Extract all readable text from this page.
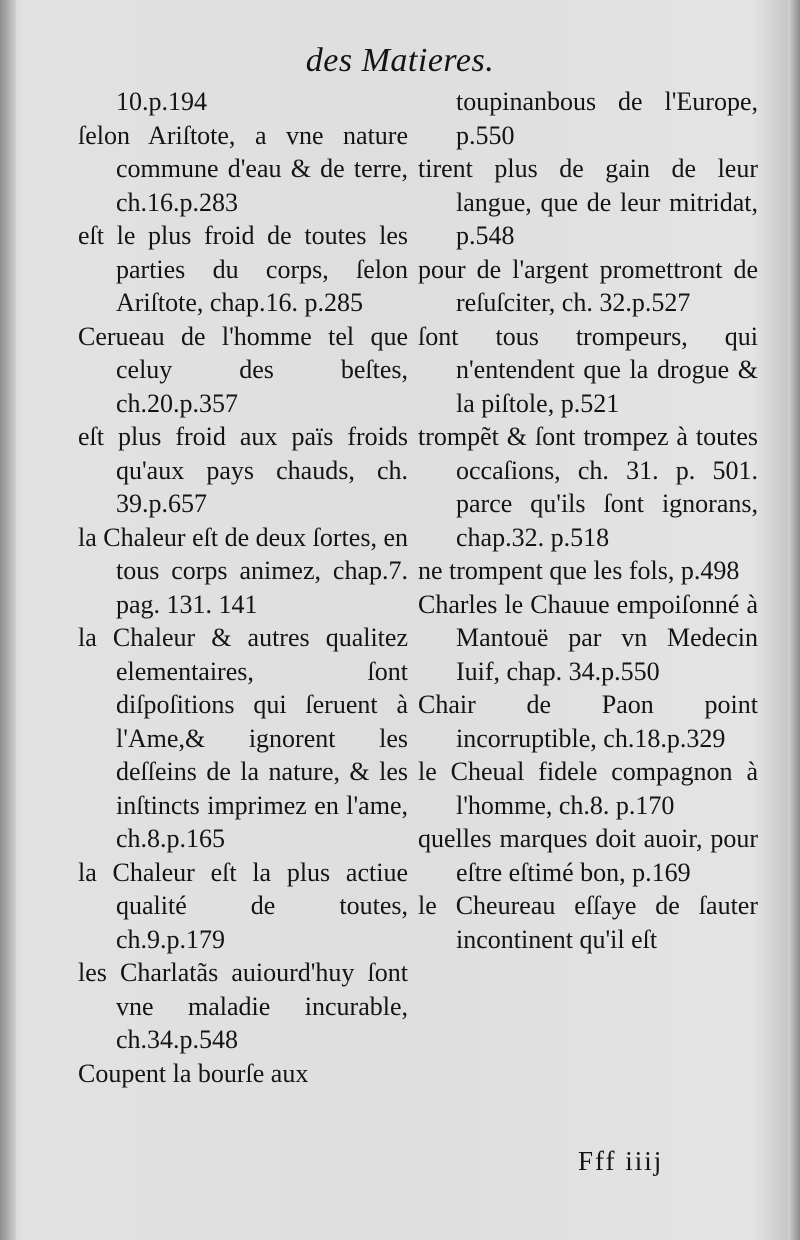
des Matieres.
10.p.194
ſelon Ariſtote, a vne nature commune d'eau & de terre, ch.16.p.283
eſt le plus froid de toutes les parties du corps, ſelon Ariſtote, chap.16. p.285
Cerueau de l'homme tel que celuy des beſtes, ch.20.p.357
eſt plus froid aux païs froids qu'aux pays chauds, ch. 39.p.657
la Chaleur eſt de deux ſortes, en tous corps animez, chap.7. pag. 131. 141
la Chaleur & autres qualitez elementaires, ſont diſpoſitions qui ſeruent à l'Ame,& ignorent les deſſeins de la nature, & les inſtincts imprimez en l'ame, ch.8.p.165
la Chaleur eſt la plus actiue qualité de toutes, ch.9.p.179
les Charlatãs auiourd'huy ſont vne maladie incurable, ch.34.p.548
Coupent la bourſe aux
toupinanbous de l'Europe, p.550
tirent plus de gain de leur langue, que de leur mitridat, p.548
pour de l'argent promettront de reſuſciter, ch. 32.p.527
ſont tous trompeurs, qui n'entendent que la drogue & la piſtole, p.521
trompẽt & ſont trompez à toutes occaſions, ch. 31. p. 501. parce qu'ils ſont ignorans, chap.32. p.518
ne trompent que les fols, p.498
Charles le Chauue empoiſonné à Mantouë par vn Medecin Iuif, chap. 34.p.550
Chair de Paon point incorruptible, ch.18.p.329
le Cheual fidele compagnon à l'homme, ch.8. p.170
quelles marques doit auoir, pour eſtre eſtimé bon, p.169
le Cheureau eſſaye de ſauter incontinent qu'il eſt
Fff iiij
